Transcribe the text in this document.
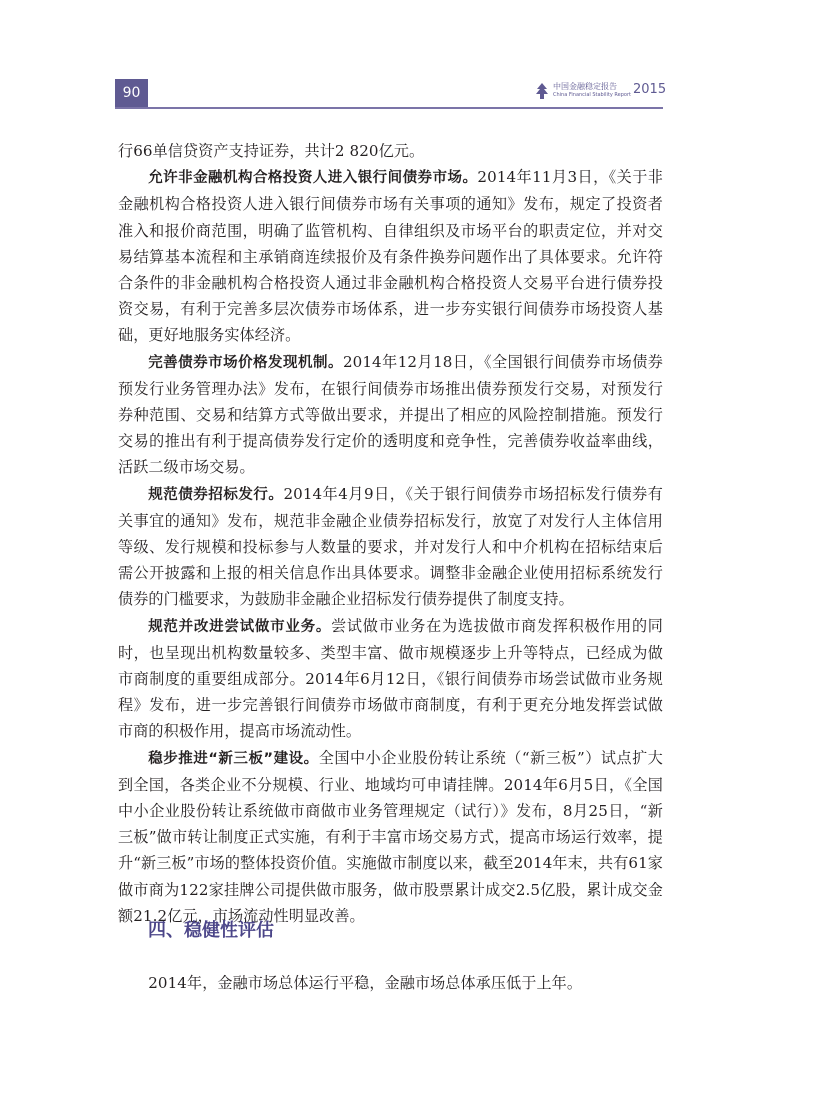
90	中国金融稳定报告
China Financial Stability Report 2015

行66单信贷资产支持证券，共计2 820亿元。

允许非金融机构合格投资人进入银行间债券市场。2014年11月3日，《关于非金融机构合格投资人进入银行间债券市场有关事项的通知》发布，规定了投资者准入和报价商范围，明确了监管机构、自律组织及市场平台的职责定位，并对交易结算基本流程和主承销商连续报价及有条件换券问题作出了具体要求。允许符合条件的非金融机构合格投资人通过非金融机构合格投资人交易平台进行债券投资交易，有利于完善多层次债券市场体系，进一步夯实银行间债券市场投资人基础，更好地服务实体经济。

完善债券市场价格发现机制。2014年12月18日，《全国银行间债券市场债券预发行业务管理办法》发布，在银行间债券市场推出债券预发行交易，对预发行券种范围、交易和结算方式等做出要求，并提出了相应的风险控制措施。预发行交易的推出有利于提高债券发行定价的透明度和竞争性，完善债券收益率曲线，活跃二级市场交易。

规范债券招标发行。2014年4月9日，《关于银行间债券市场招标发行债券有关事宜的通知》发布，规范非金融企业债券招标发行，放宽了对发行人主体信用等级、发行规模和投标参与人数量的要求，并对发行人和中介机构在招标结束后需公开披露和上报的相关信息作出具体要求。调整非金融企业使用招标系统发行债券的门槛要求，为鼓励非金融企业招标发行债券提供了制度支持。

规范并改进尝试做市业务。尝试做市业务在为选拔做市商发挥积极作用的同时，也呈现出机构数量较多、类型丰富、做市规模逐步上升等特点，已经成为做市商制度的重要组成部分。2014年6月12日，《银行间债券市场尝试做市业务规程》发布，进一步完善银行间债券市场做市商制度，有利于更充分地发挥尝试做市商的积极作用，提高市场流动性。

稳步推进“新三板”建设。全国中小企业股份转让系统（“新三板”）试点扩大到全国，各类企业不分规模、行业、地域均可申请挂牌。2014年6月5日，《全国中小企业股份转让系统做市商做市业务管理规定（试行）》发布，8月25日，“新三板”做市转让制度正式实施，有利于丰富市场交易方式，提高市场运行效率，提升“新三板”市场的整体投资价值。实施做市制度以来，截至2014年末，共有61家做市商为122家挂牌公司提供做市服务，做市股票累计成交2.5亿股，累计成交金额21.2亿元，市场流动性明显改善。

四、稳健性评估

2014年，金融市场总体运行平稳，金融市场总体承压低于上年。
